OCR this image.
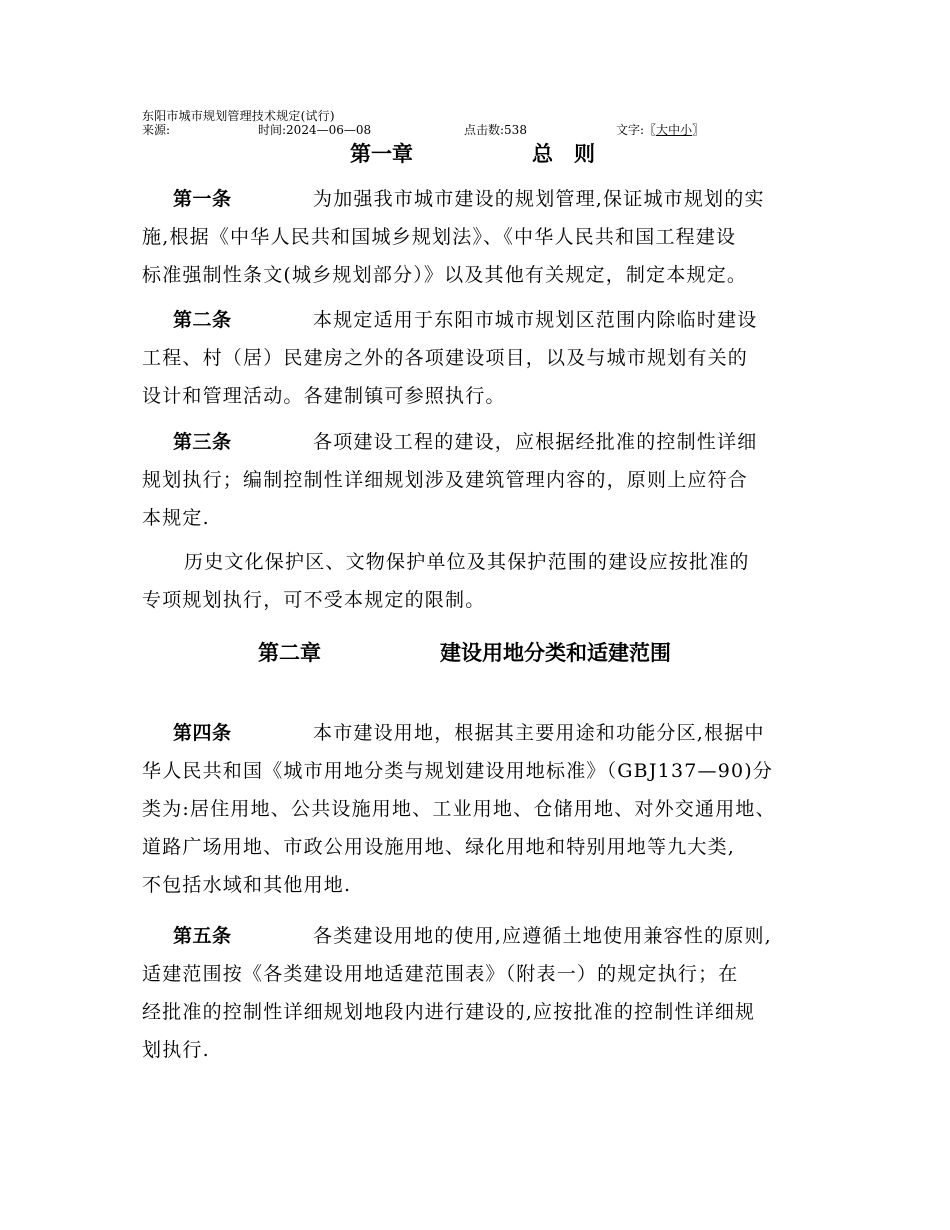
东阳市城市规划管理技术规定(试行)
来源:	时间:2024—06—08	点击数:538	文字:〖大
中
小〗
第一章	总　则
第一条	为加强我市城市建设的规划管理,保证城市规划的实
施,根据《中华人民共和国城乡规划法》、《中华人民共和国工程建设
标准强制性条文(城乡规划部分）》以及其他有关规定，制定本规定。
第二条	本规定适用于东阳市城市规划区范围内除临时建设
工程、村（居）民建房之外的各项建设项目，以及与城市规划有关的
设计和管理活动。各建制镇可参照执行。
第三条	各项建设工程的建设，应根据经批准的控制性详细
规划执行；编制控制性详细规划涉及建筑管理内容的，原则上应符合
本规定.
历史文化保护区、文物保护单位及其保护范围的建设应按批准的
专项规划执行，可不受本规定的限制。
第二章	建设用地分类和适建范围
第四条	本市建设用地，根据其主要用途和功能分区,根据中
华人民共和国《城市用地分类与规划建设用地标准》（GBJ137—90)分
类为:居住用地、公共设施用地、工业用地、仓储用地、对外交通用地、
道路广场用地、市政公用设施用地、绿化用地和特别用地等九大类,
不包括水域和其他用地.
第五条	各类建设用地的使用,应遵循土地使用兼容性的原则,
适建范围按《各类建设用地适建范围表》（附表一）的规定执行；在
经批准的控制性详细规划地段内进行建设的,应按批准的控制性详细规
划执行.
